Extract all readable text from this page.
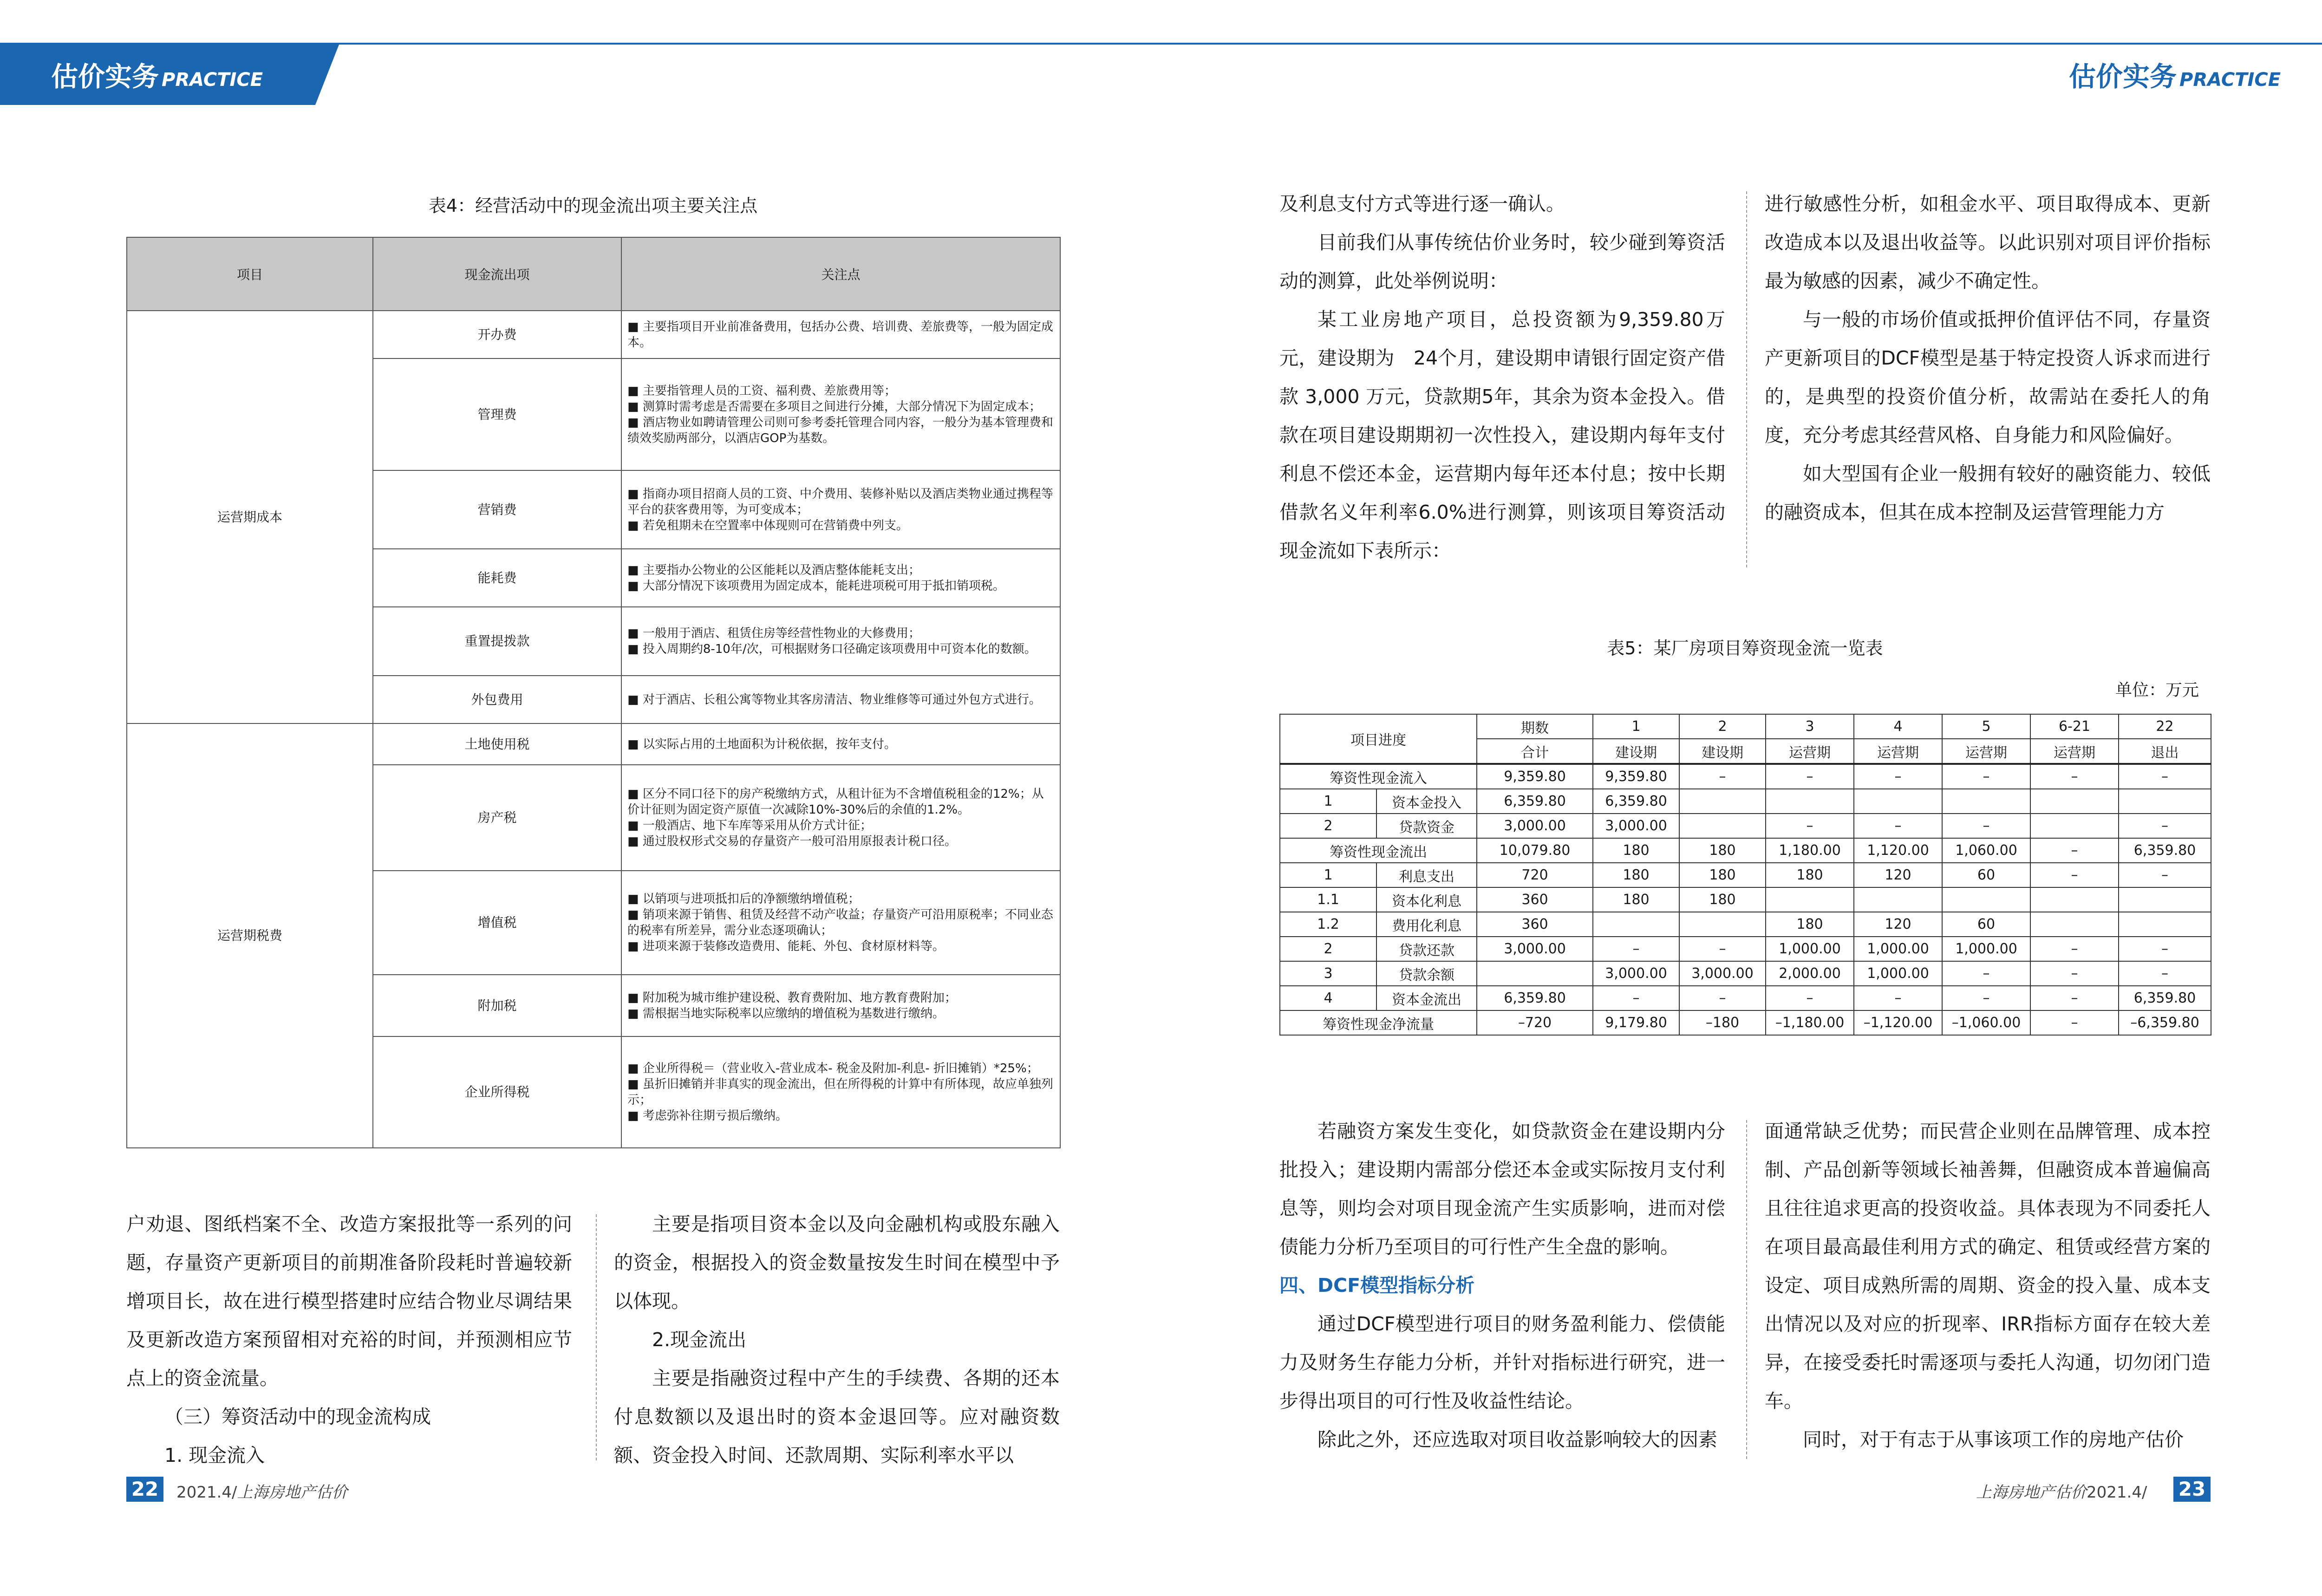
估价实务 PRACTICE	估价实务 PRACTICE
表4：经营活动中的现金流出项主要关注点
项目	现金流出项	关注点
运营期成本	开办费	■ 主要指项目开业前准备费用，包括办公费、培训费、差旅费等，一般为固定成本。

	管理费	■ 主要指管理人员的工资、福利费、差旅费用等；
■ 测算时需考虑是否需要在多项目之间进行分摊，大部分情况下为固定成本；
■ 酒店物业如聘请管理公司则可参考委托管理合同内容，一般分为基本管理费和绩效奖励两部分，以酒店GOP为基数。

	营销费	■ 指商办项目招商人员的工资、中介费用、装修补贴以及酒店类物业通过携程等平台的获客费用等，为可变成本；
■ 若免租期未在空置率中体现则可在营销费中列支。

	能耗费	■ 主要指办公物业的公区能耗以及酒店整体能耗支出；
■ 大部分情况下该项费用为固定成本，能耗进项税可用于抵扣销项税。

	重置提拨款	■ 一般用于酒店、租赁住房等经营性物业的大修费用；
■ 投入周期约8-10年/次，可根据财务口径确定该项费用中可资本化的数额。

	外包费用	■ 对于酒店、长租公寓等物业其客房清洁、物业维修等可通过外包方式进行。

运营期税费	土地使用税	■ 以实际占用的土地面积为计税依据，按年支付。

	房产税	■ 区分不同口径下的房产税缴纳方式，从租计征为不含增值税租金的12%；从价计征则为固定资产原值一次减除10%-30%后的余值的1.2%。
■ 一般酒店、地下车库等采用从价方式计征；
■ 通过股权形式交易的存量资产一般可沿用原报表计税口径。

	增值税	■ 以销项与进项抵扣后的净额缴纳增值税；
■ 销项来源于销售、租赁及经营不动产收益；存量资产可沿用原税率；不同业态的税率有所差异，需分业态逐项确认；
■ 进项来源于装修改造费用、能耗、外包、食材原材料等。

	附加税	■ 附加税为城市维护建设税、教育费附加、地方教育费附加；
■ 需根据当地实际税率以应缴纳的增值税为基数进行缴纳。

	企业所得税	■ 企业所得税＝（营业收入-营业成本- 税金及附加-利息- 折旧摊销）*25%；
■ 虽折旧摊销并非真实的现金流出，但在所得税的计算中有所体现，故应单独列示；
■ 考虑弥补往期亏损后缴纳。

户劝退、图纸档案不全、改造方案报批等一系列的问题，存量资产更新项目的前期准备阶段耗时普遍较新增项目长，故在进行模型搭建时应结合物业尽调结果及更新改造方案预留相对充裕的时间，并预测相应节点上的资金流量。

（三）筹资活动中的现金流构成

1. 现金流入

主要是指项目资本金以及向金融机构或股东融入的资金，根据投入的资金数量按发生时间在模型中予以体现。

2.现金流出

主要是指融资过程中产生的手续费、各期的还本付息数额以及退出时的资本金退回等。应对融资数额、资金投入时间、还款周期、实际利率水平以

及利息支付方式等进行逐一确认。

目前我们从事传统估价业务时，较少碰到筹资活动的测算，此处举例说明：

某工业房地产项目，总投资额为9,359.80万元，建设期为　24个月，建设期申请银行固定资产借款 3,000 万元，贷款期5年，其余为资本金投入。借款在项目建设期期初一次性投入，建设期内每年支付利息不偿还本金，运营期内每年还本付息；按中长期借款名义年利率6.0%进行测算，则该项目筹资活动现金流如下表所示：

进行敏感性分析，如租金水平、项目取得成本、更新改造成本以及退出收益等。以此识别对项目评价指标最为敏感的因素，减少不确定性。

与一般的市场价值或抵押价值评估不同，存量资产更新项目的DCF模型是基于特定投资人诉求而进行的，是典型的投资价值分析，故需站在委托人的角度，充分考虑其经营风格、自身能力和风险偏好。

如大型国有企业一般拥有较好的融资能力、较低的融资成本，但其在成本控制及运营管理能力方

表5：某厂房项目筹资现金流一览表
单位：万元
项目进度		期数	1	2	3	4	5	6-21	22
		合计	建设期	建设期	运营期	运营期	运营期	运营期	退出
筹资性现金流入		9,359.80	9,359.80	–	–	–	–	–	–
1	资本金投入	6,359.80	6,359.80						
2	贷款资金	3,000.00	3,000.00		–	–	–		–
筹资性现金流出		10,079.80	180	180	1,180.00	1,120.00	1,060.00	–	6,359.80
1	利息支出	720	180	180	180	120	60	–	–
1.1	资本化利息	360	180	180					
1.2	费用化利息	360			180	120	60		
2	贷款还款	3,000.00	–	–	1,000.00	1,000.00	1,000.00	–	–
3	贷款余额		3,000.00	3,000.00	2,000.00	1,000.00	–	–	–
4	资本金流出	6,359.80	–	–	–	–	–	–	6,359.80
筹资性现金净流量		–720	9,179.80	–180	–1,180.00	–1,120.00	–1,060.00	–	–6,359.80

若融资方案发生变化，如贷款资金在建设期内分批投入；建设期内需部分偿还本金或实际按月支付利息等，则均会对项目现金流产生实质影响，进而对偿债能力分析乃至项目的可行性产生全盘的影响。

四、DCF模型指标分析

通过DCF模型进行项目的财务盈利能力、偿债能力及财务生存能力分析，并针对指标进行研究，进一步得出项目的可行性及收益性结论。

除此之外，还应选取对项目收益影响较大的因素

面通常缺乏优势；而民营企业则在品牌管理、成本控制、产品创新等领域长袖善舞，但融资成本普遍偏高且往往追求更高的投资收益。具体表现为不同委托人在项目最高最佳利用方式的确定、租赁或经营方案的设定、项目成熟所需的周期、资金的投入量、成本支出情况以及对应的折现率、IRR指标方面存在较大差异，在接受委托时需逐项与委托人沟通，切勿闭门造车。

同时，对于有志于从事该项工作的房地产估价

22	2021.4/上海房地产估价	上海房地产估价2021.4/ 23
